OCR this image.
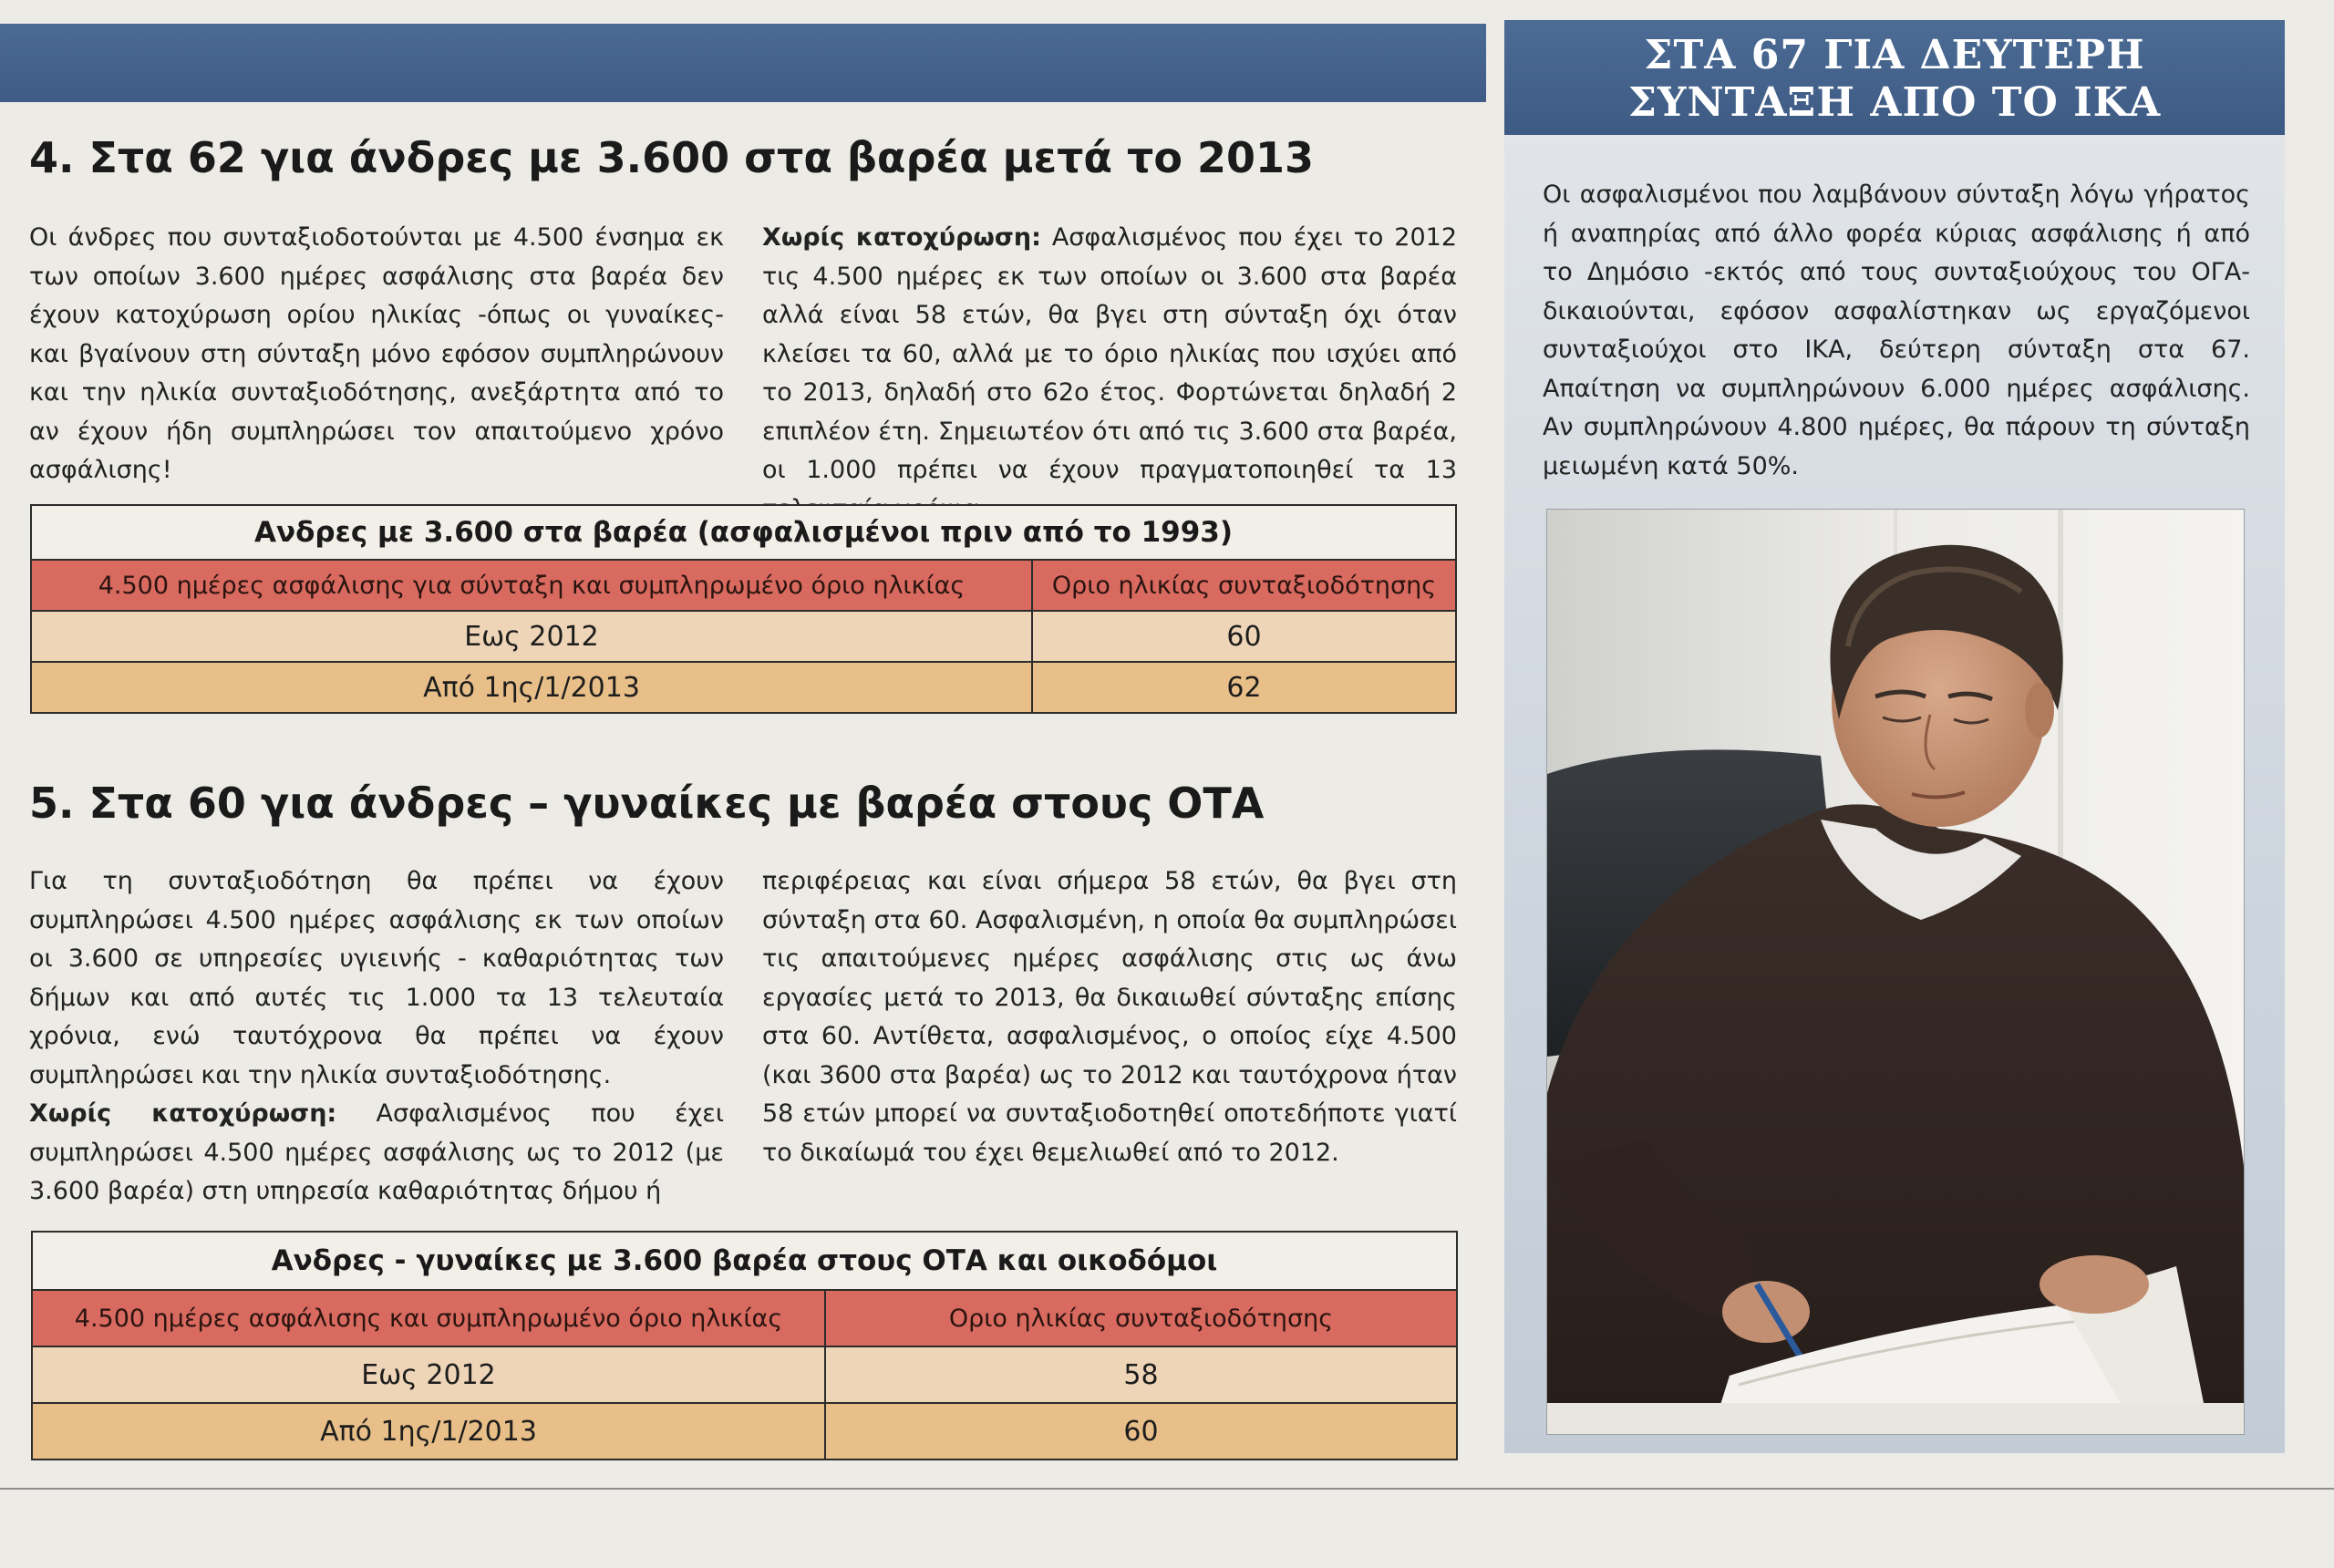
4. Στα 62 για άνδρες με 3.600 στα βαρέα μετά το 2013

Οι άνδρες που συνταξιοδοτούνται με 4.500 ένσημα εκ των οποίων 3.600 ημέρες ασφάλισης στα βαρέα δεν έχουν κατοχύρωση ορίου ηλικίας -όπως οι γυναίκες- και βγαίνουν στη σύνταξη μόνο εφόσον συμπληρώνουν και την ηλικία συνταξιοδότησης, ανεξάρτητα από το αν έχουν ήδη συμπληρώσει τον απαιτούμενο χρόνο ασφάλισης!

Χωρίς κατοχύρωση: Ασφαλισμένος που έχει το 2012 τις 4.500 ημέρες εκ των οποίων οι 3.600 στα βαρέα αλλά είναι 58 ετών, θα βγει στη σύνταξη όχι όταν κλείσει τα 60, αλλά με το όριο ηλικίας που ισχύει από το 2013, δηλαδή στο 62ο έτος. Φορτώνεται δηλαδή 2 επιπλέον έτη. Σημειωτέον ότι από τις 3.600 στα βαρέα, οι 1.000 πρέπει να έχουν πραγματοποιηθεί τα 13

Ανδρες με 3.600 στα βαρέα (ασφαλισμένοι πριν από το 1993)	
4.500 ημέρες ασφάλισης για σύνταξη και συμπληρωμένο όριο ηλικίας	Οριο ηλικίας συνταξιοδότησης
Εως 2012	60
Από 1ης/1/2013	62
5. Στα 60 για άνδρες – γυναίκες με βαρέα στους ΟΤΑ

Για τη συνταξιοδότηση θα πρέπει να έχουν συμπληρώσει 4.500 ημέρες ασφάλισης εκ των οποίων οι 3.600 σε υπηρεσίες υγιεινής - καθαριότητας των δήμων και από αυτές τις 1.000 τα 13 τελευταία χρόνια, ενώ ταυτόχρονα θα πρέπει να έχουν συμπληρώσει και την ηλικία συνταξιοδότησης.

Χωρίς κατοχύρωση: Ασφαλισμένος που έχει συμπληρώσει 4.500 ημέρες ασφάλισης ως το 2012 (με 3.600 βαρέα) στη υπηρεσία καθαριότητας δήμου ή

περιφέρειας και είναι σήμερα 58 ετών, θα βγει στη σύνταξη στα 60. Ασφαλισμένη, η οποία θα συμπληρώσει τις απαιτούμενες ημέρες ασφάλισης στις ως άνω εργασίες μετά το 2013, θα δικαιωθεί σύνταξης επίσης στα 60. Αντίθετα, ασφαλισμένος, ο οποίος είχε 4.500 (και 3600 στα βαρέα) ως το 2012 και ταυτόχρονα ήταν 58 ετών μπορεί να συνταξιοδοτηθεί οποτεδήποτε γιατί το δικαίωμά του έχει θεμελιωθεί από το 2012.

Ανδρες - γυναίκες με 3.600 βαρέα στους ΟΤΑ και οικοδόμοι	
4.500 ημέρες ασφάλισης και συμπληρωμένο όριο ηλικίας	Οριο ηλικίας συνταξιοδότησης
Εως 2012	58
Από 1ης/1/2013	60
ΣΤΑ 67 ΓΙΑ ΔΕΥΤΕΡΗ
ΣΥΝΤΑΞΗ ΑΠΟ ΤΟ ΙΚΑ

Οι ασφαλισμένοι που λαμβάνουν σύνταξη λόγω γήρατος ή αναπηρίας από άλλο φορέα κύριας ασφάλισης ή από το Δημόσιο -εκτός από τους συνταξιούχους του ΟΓΑ- δικαιούνται, εφόσον ασφαλίστηκαν ως εργαζόμενοι συνταξιούχοι στο ΙΚΑ, δεύτερη σύνταξη στα 67. Απαίτηση να συμπληρώνουν 6.000 ημέρες ασφάλισης. Αν συμπληρώνουν 4.800 ημέρες, θα πάρουν τη σύνταξη μειωμένη κατά 50%.
